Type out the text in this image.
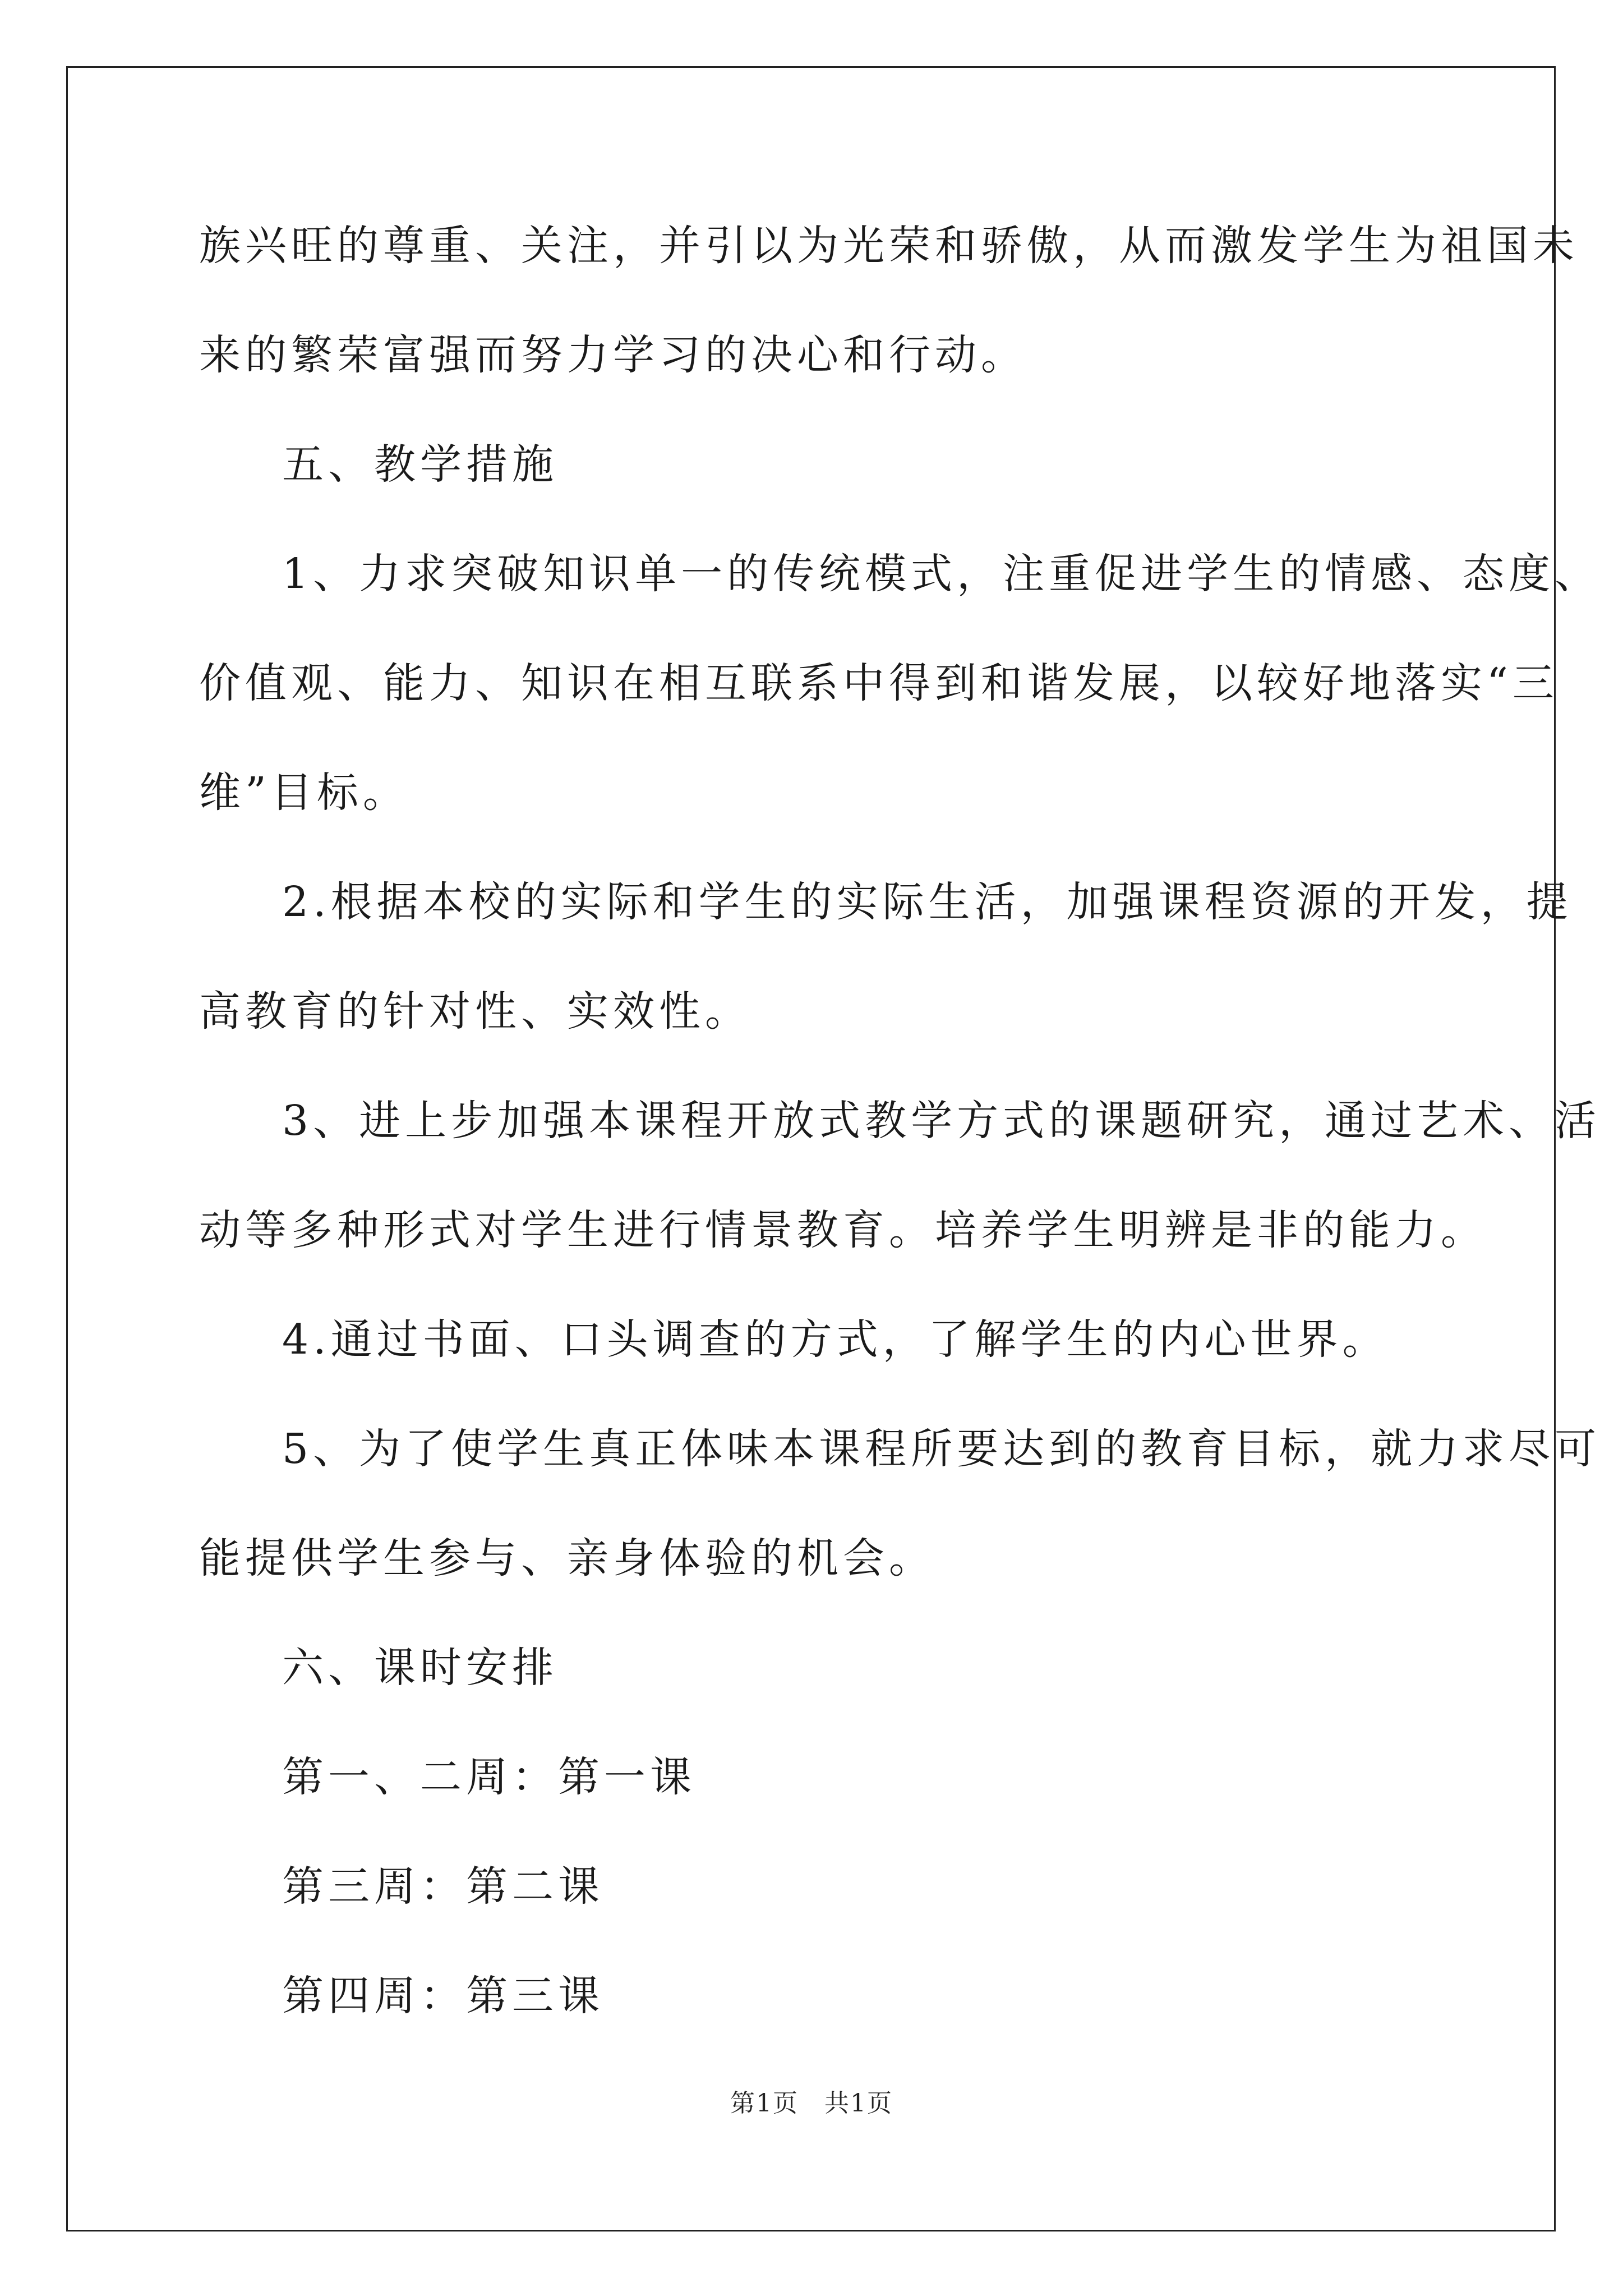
族兴旺的尊重、关注，并引以为光荣和骄傲，从而激发学生为祖国未
来的繁荣富强而努力学习的决心和行动。
五、教学措施
1、力求突破知识单一的传统模式，注重促进学生的情感、态度、
价值观、能力、知识在相互联系中得到和谐发展，以较好地落实“三
维”目标。
2.根据本校的实际和学生的实际生活，加强课程资源的开发，提
高教育的针对性、实效性。
3、进上步加强本课程开放式教学方式的课题研究，通过艺术、活
动等多种形式对学生进行情景教育。培养学生明辨是非的能力。
4.通过书面、口头调查的方式，了解学生的内心世界。
5、为了使学生真正体味本课程所要达到的教育目标，就力求尽可
能提供学生参与、亲身体验的机会。
六、课时安排
第一、二周：第一课
第三周：第二课
第四周：第三课
第1页　共1页
